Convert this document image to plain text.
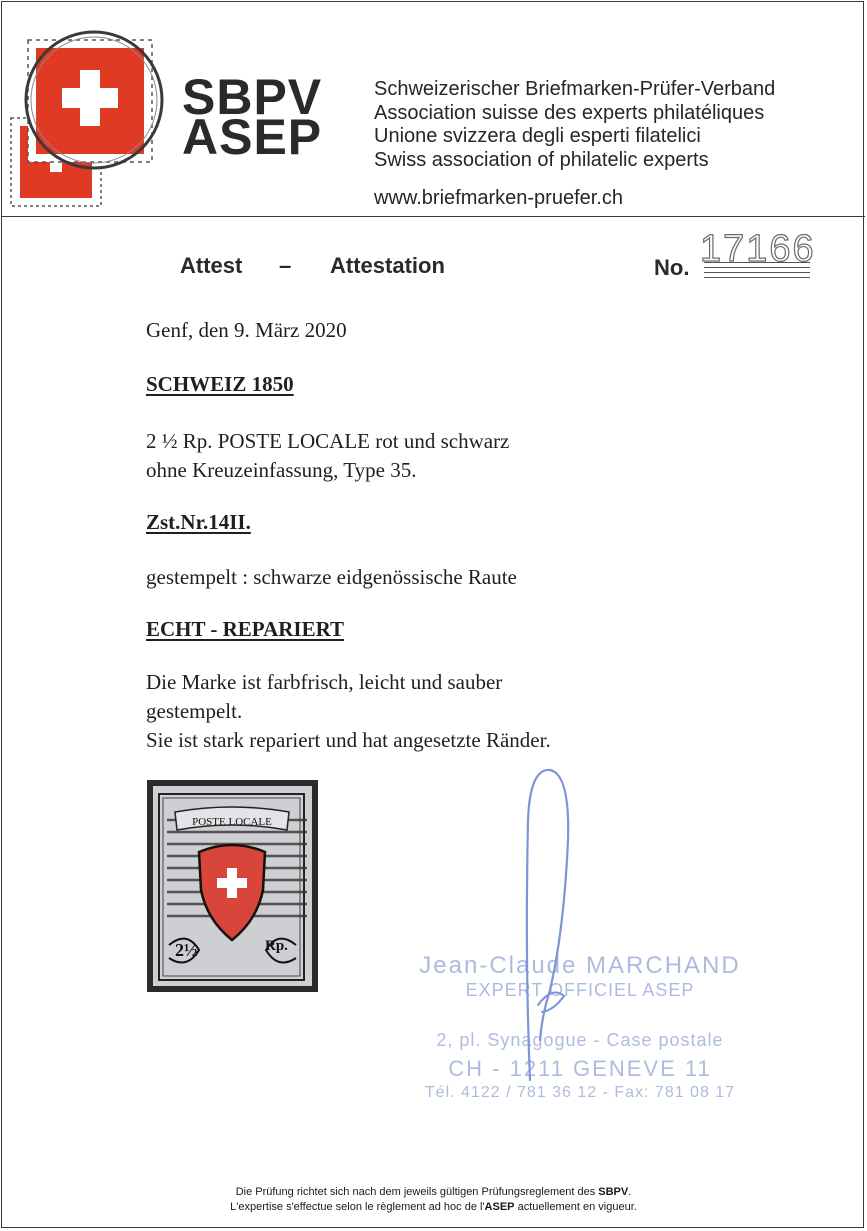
SBPV
ASEP
Schweizerischer Briefmarken-Prüfer-Verband
Association suisse des experts philatéliques
Unione svizzera degli esperti filatelici
Swiss association of philatelic experts
www.briefmarken-pruefer.ch
Attest – Attestation	No. 17166
Genf, den 9. März 2020
SCHWEIZ 1850
2 ½ Rp. POSTE LOCALE rot und schwarz
ohne Kreuzeinfassung, Type 35.
Zst.Nr.14II.
gestempelt : schwarze eidgenössische Raute
ECHT - REPARIERT
Die Marke ist farbfrisch, leicht und sauber
gestempelt.
Sie ist stark repariert und hat angesetzte Ränder.
POSTE LOCALE
2½	Rp.
Jean-Claude MARCHAND
EXPERT OFFICIEL ASEP
2, pl. Synagogue - Case postale
CH - 1211 GENEVE 11
Tél. 4122 / 781 36 12 - Fax: 781 08 17
Die Prüfung richtet sich nach dem jeweils gültigen Prüfungsreglement des SBPV.
L'expertise s'effectue selon le règlement ad hoc de l'ASEP actuellement en vigueur.
